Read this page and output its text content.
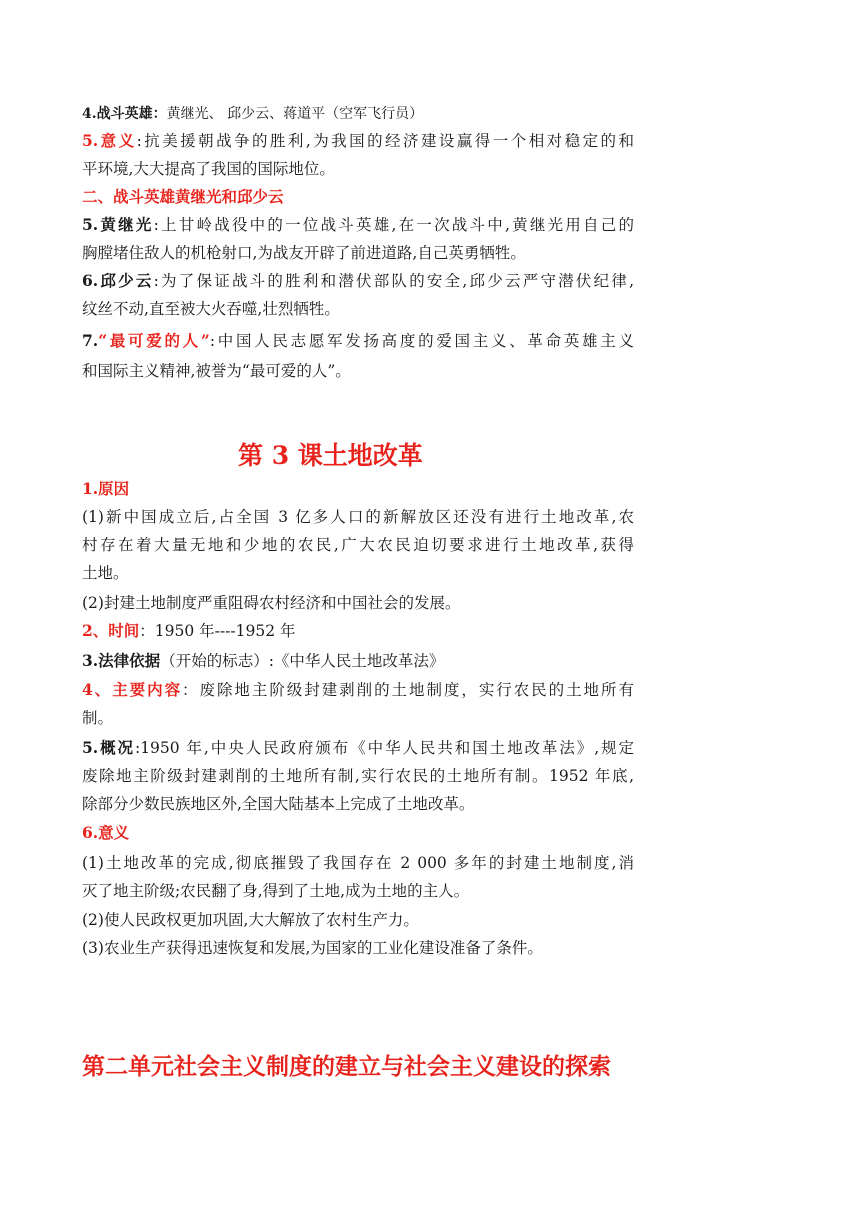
4.战斗英雄：黄继光、 邱少云、蒋道平（空军飞行员）
5.意义:抗美援朝战争的胜利,为我国的经济建设赢得一个相对稳定的和
平环境,大大提高了我国的国际地位。
二、战斗英雄黄继光和邱少云
5.黄继光:上甘岭战役中的一位战斗英雄,在一次战斗中,黄继光用自己的
胸膛堵住敌人的机枪射口,为战友开辟了前进道路,自己英勇牺牲。
6.邱少云:为了保证战斗的胜利和潜伏部队的安全,邱少云严守潜伏纪律,
纹丝不动,直至被大火吞噬,壮烈牺牲。
7.“最可爱的人”:中国人民志愿军发扬高度的爱国主义、革命英雄主义
和国际主义精神,被誉为“最可爱的人”。
第 3 课土地改革
1.原因
(1)新中国成立后,占全国 3 亿多人口的新解放区还没有进行土地改革,农
村存在着大量无地和少地的农民,广大农民迫切要求进行土地改革,获得
土地。
(2)封建土地制度严重阻碍农村经济和中国社会的发展。
2、时间：1950 年----1952 年
3.法律依据（开始的标志）:《中华人民土地改革法》
4、主要内容：废除地主阶级封建剥削的土地制度，实行农民的土地所有
制。
5.概况:1950 年,中央人民政府颁布《中华人民共和国土地改革法》,规定
废除地主阶级封建剥削的土地所有制,实行农民的土地所有制。1952 年底,
除部分少数民族地区外,全国大陆基本上完成了土地改革。
6.意义
(1)土地改革的完成,彻底摧毁了我国存在 2 000 多年的封建土地制度,消
灭了地主阶级;农民翻了身,得到了土地,成为土地的主人。
(2)使人民政权更加巩固,大大解放了农村生产力。
(3)农业生产获得迅速恢复和发展,为国家的工业化建设准备了条件。
第二单元社会主义制度的建立与社会主义建设的探索
